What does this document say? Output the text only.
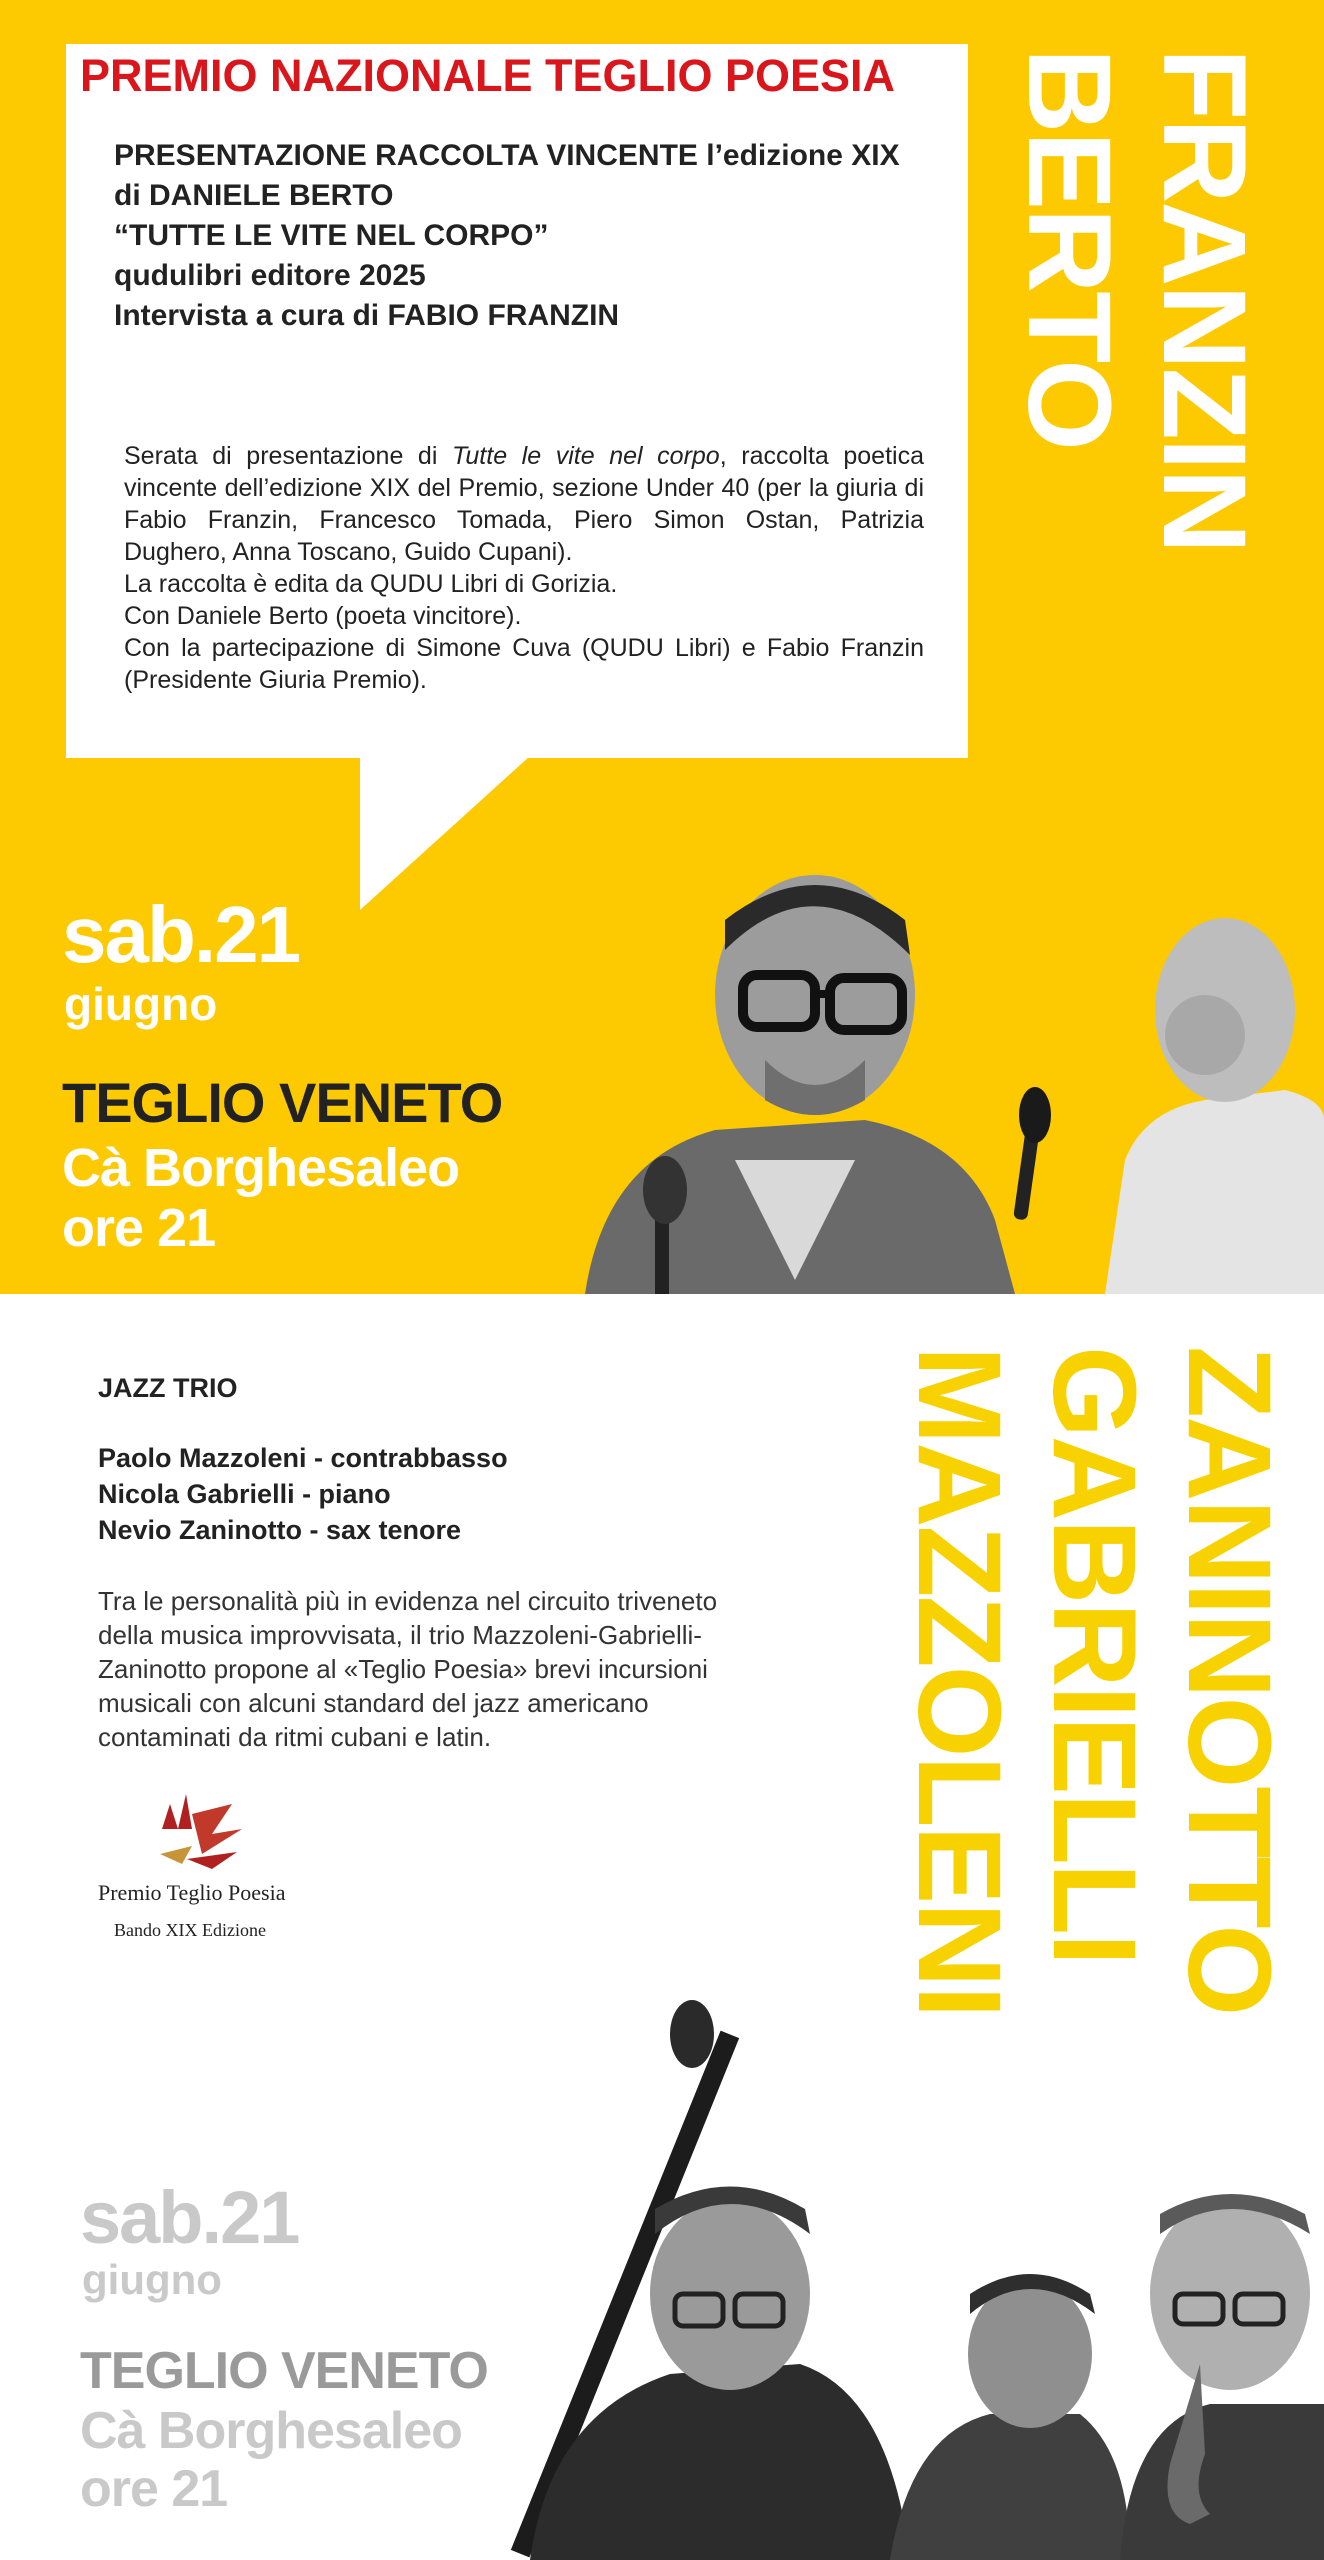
PREMIO NAZIONALE TEGLIO POESIA
PRESENTAZIONE RACCOLTA VINCENTE l’edizione XIX
di DANIELE BERTO
“TUTTE LE VITE NEL CORPO”
qudulibri editore 2025
Intervista a cura di FABIO FRANZIN

Serata di presentazione di Tutte le vite nel corpo, raccolta poetica vincente dell’edizione XIX del Premio, sezione Under 40 (per la giuria di Fabio Franzin, Francesco Tomada, Piero Simon Ostan, Patrizia Dughero, Anna Toscano, Guido Cupani).

La raccolta è edita da QUDU Libri di Gorizia.

Con Daniele Berto (poeta vincitore).

Con la partecipazione di Simone Cuva (QUDU Libri) e Fabio Franzin (Presidente Giuria Premio).

BERTO FRANZIN
sab.21
giugno
TEGLIO VENETO
Cà Borghesaleo
ore 21
JAZZ TRIO
Paolo Mazzoleni - contrabbasso
Nicola Gabrielli - piano
Nevio Zaninotto - sax tenore
Tra le personalità più in evidenza nel circuito triveneto della musica improvvisata, il trio Mazzoleni-Gabrielli-Zaninotto propone al «Teglio Poesia» brevi incursioni musicali con alcuni standard del jazz americano contaminati da ritmi cubani e latin.
Premio Teglio Poesia
Bando XIX Edizione	MAZZOLENI GABRIELLI ZANINOTTO
sab.21
giugno
TEGLIO VENETO
Cà Borghesaleo
ore 21
